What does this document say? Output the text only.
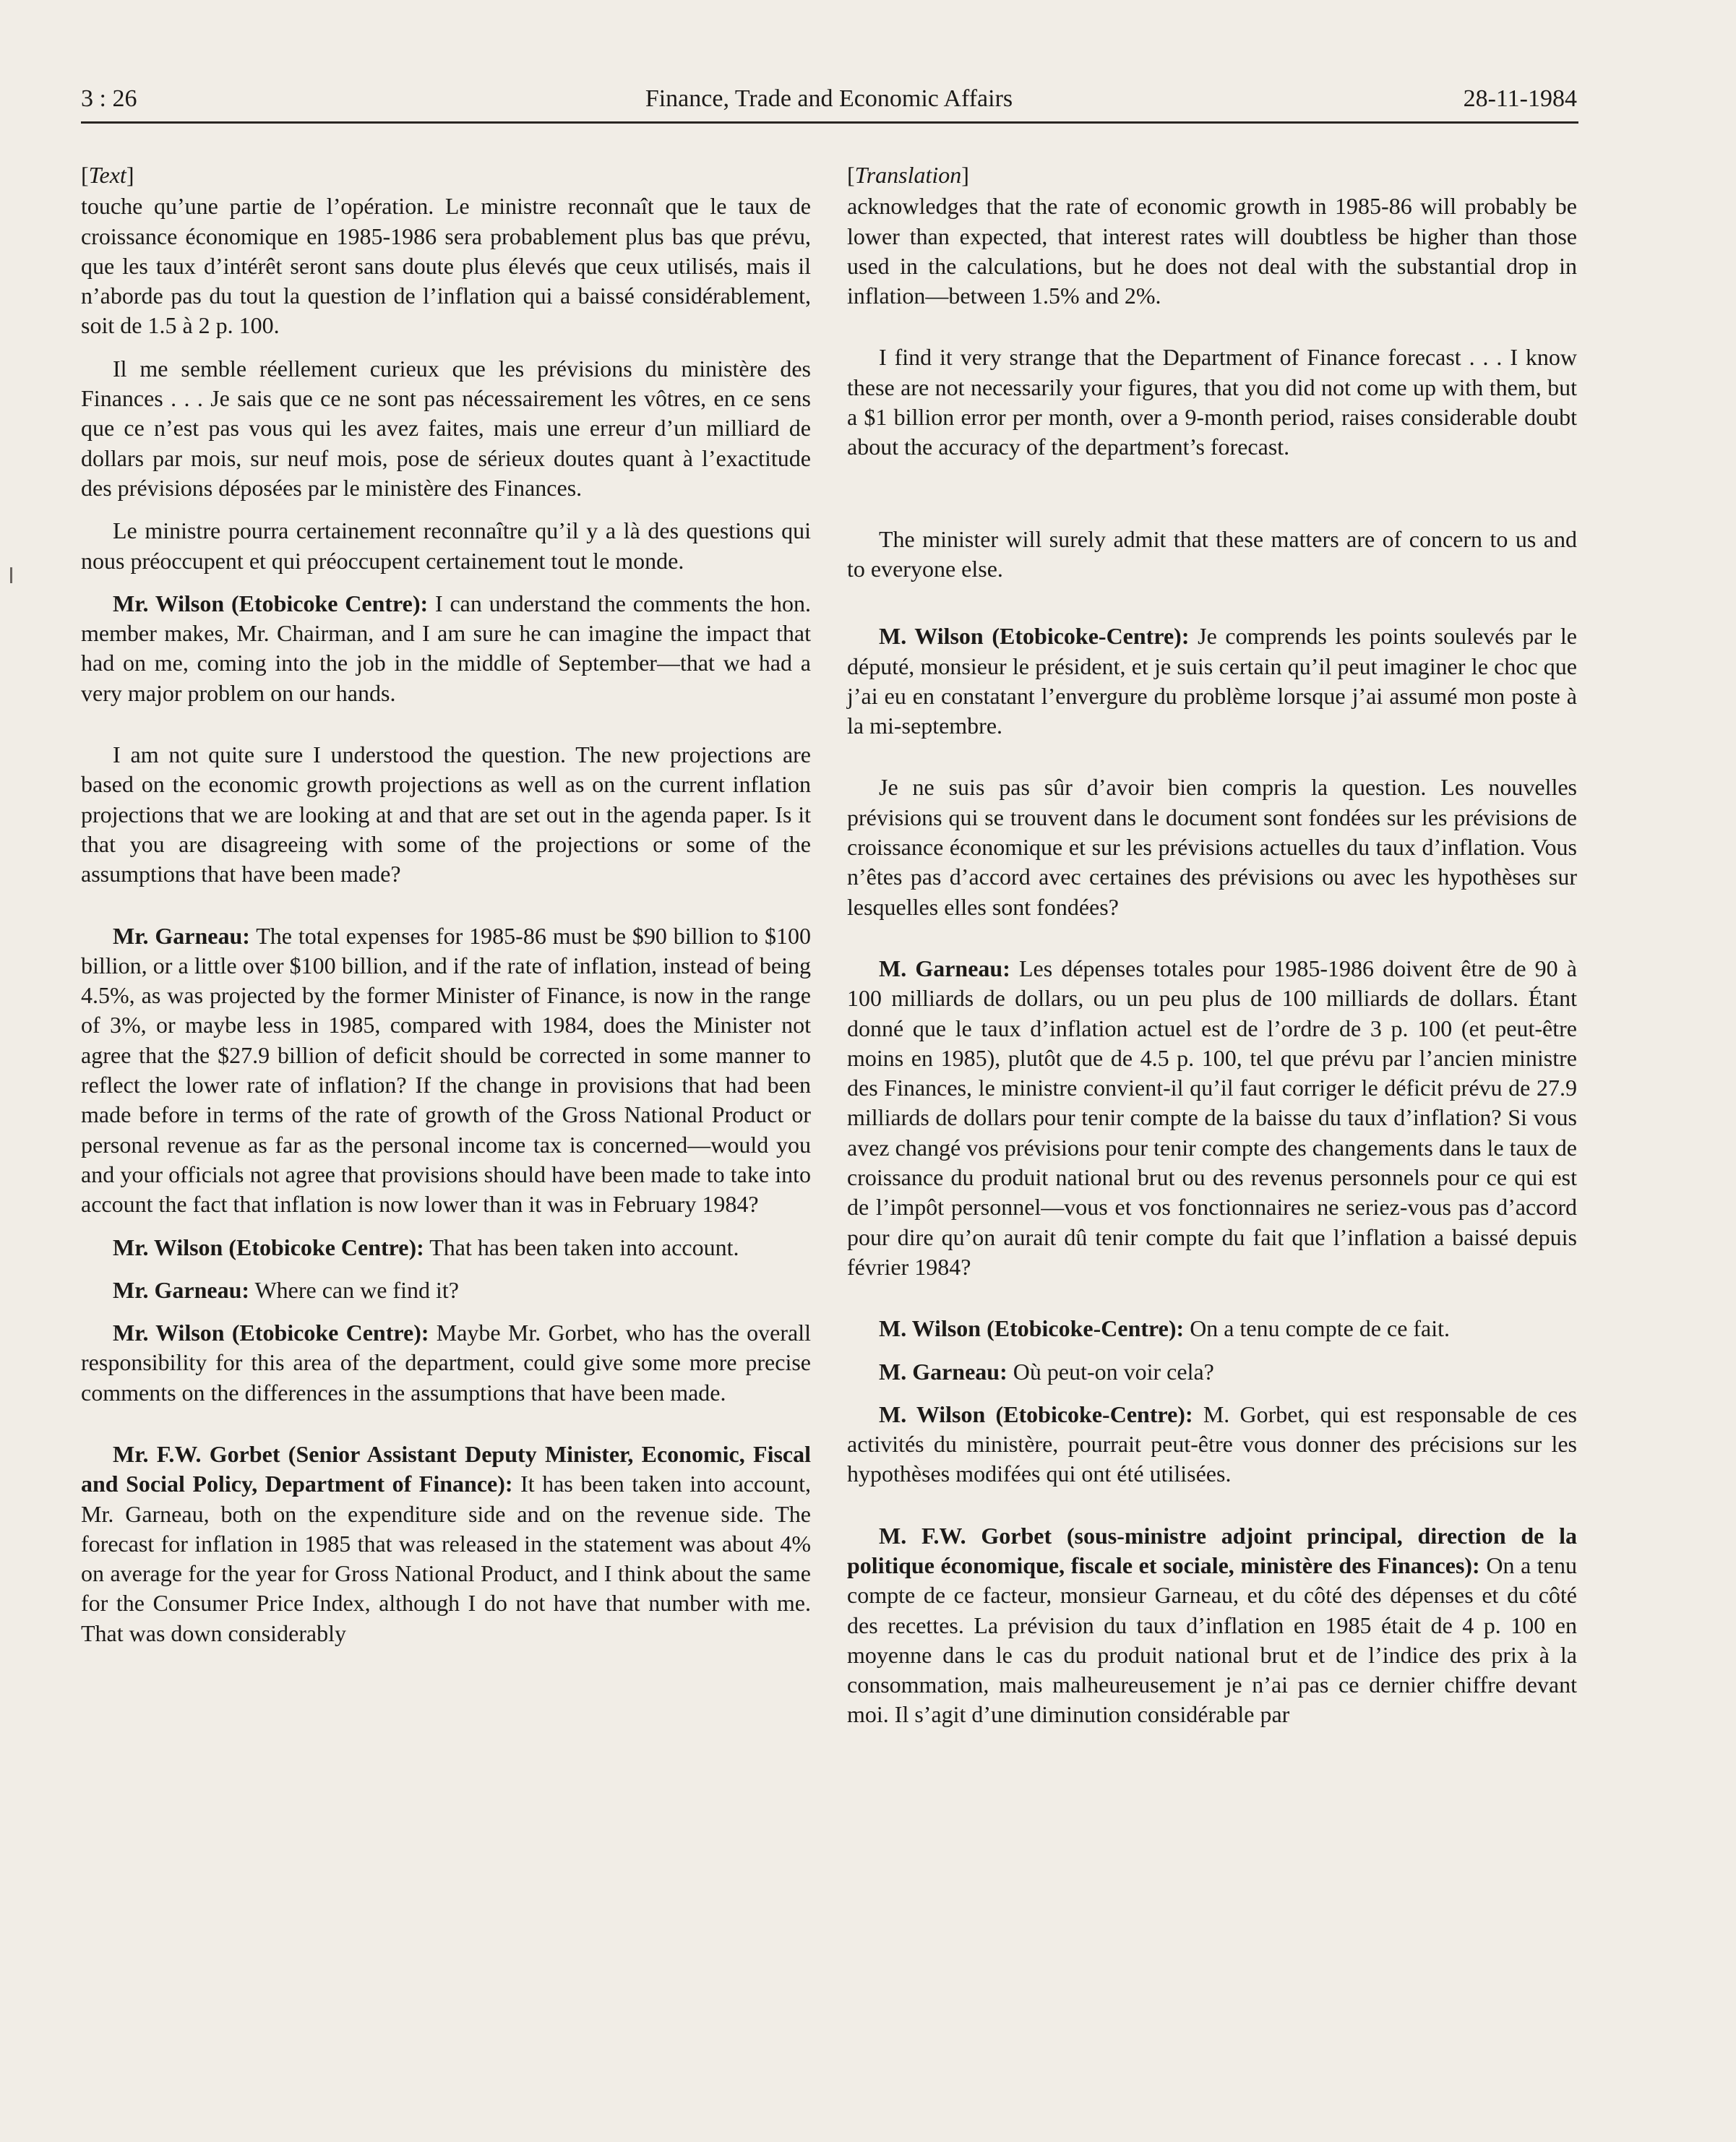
3 : 26	Finance, Trade and Economic Affairs	28-11-1984

[Text]

touche qu’une partie de l’opération. Le ministre reconnaît que le taux de croissance économique en 1985-1986 sera probablement plus bas que prévu, que les taux d’intérêt seront sans doute plus élevés que ceux utilisés, mais il n’aborde pas du tout la question de l’inflation qui a baissé considérablement, soit de 1.5 à 2 p. 100.

Il me semble réellement curieux que les prévisions du ministère des Finances . . . Je sais que ce ne sont pas nécessairement les vôtres, en ce sens que ce n’est pas vous qui les avez faites, mais une erreur d’un milliard de dollars par mois, sur neuf mois, pose de sérieux doutes quant à l’exactitude des prévisions déposées par le ministère des Finances.

Le ministre pourra certainement reconnaître qu’il y a là des questions qui nous préoccupent et qui préoccupent certainement tout le monde.

Mr. Wilson (Etobicoke Centre): I can understand the comments the hon. member makes, Mr. Chairman, and I am sure he can imagine the impact that had on me, coming into the job in the middle of September—that we had a very major problem on our hands.

I am not quite sure I understood the question. The new projections are based on the economic growth projections as well as on the current inflation projections that we are looking at and that are set out in the agenda paper. Is it that you are disagreeing with some of the projections or some of the assumptions that have been made?

Mr. Garneau: The total expenses for 1985-86 must be $90 billion to $100 billion, or a little over $100 billion, and if the rate of inflation, instead of being 4.5%, as was projected by the former Minister of Finance, is now in the range of 3%, or maybe less in 1985, compared with 1984, does the Minister not agree that the $27.9 billion of deficit should be corrected in some manner to reflect the lower rate of inflation? If the change in provisions that had been made before in terms of the rate of growth of the Gross National Product or personal revenue as far as the personal income tax is concerned—would you and your officials not agree that provisions should have been made to take into account the fact that inflation is now lower than it was in February 1984?

Mr. Wilson (Etobicoke Centre): That has been taken into account.

Mr. Garneau: Where can we find it?

Mr. Wilson (Etobicoke Centre): Maybe Mr. Gorbet, who has the overall responsibility for this area of the department, could give some more precise comments on the differences in the assumptions that have been made.

Mr. F.W. Gorbet (Senior Assistant Deputy Minister, Economic, Fiscal and Social Policy, Department of Finance): It has been taken into account, Mr. Garneau, both on the expenditure side and on the revenue side. The forecast for inflation in 1985 that was released in the statement was about 4% on average for the year for Gross National Product, and I think about the same for the Consumer Price Index, although I do not have that number with me. That was down considerably

[Translation]

acknowledges that the rate of economic growth in 1985-86 will probably be lower than expected, that interest rates will doubtless be higher than those used in the calculations, but he does not deal with the substantial drop in inflation—between 1.5% and 2%.

I find it very strange that the Department of Finance forecast . . . I know these are not necessarily your figures, that you did not come up with them, but a $1 billion error per month, over a 9-month period, raises considerable doubt about the accuracy of the department’s forecast.

The minister will surely admit that these matters are of concern to us and to everyone else.

M. Wilson (Etobicoke-Centre): Je comprends les points soulevés par le député, monsieur le président, et je suis certain qu’il peut imaginer le choc que j’ai eu en constatant l’envergure du problème lorsque j’ai assumé mon poste à la mi-septembre.

Je ne suis pas sûr d’avoir bien compris la question. Les nouvelles prévisions qui se trouvent dans le document sont fondées sur les prévisions de croissance économique et sur les prévisions actuelles du taux d’inflation. Vous n’êtes pas d’accord avec certaines des prévisions ou avec les hypothèses sur lesquelles elles sont fondées?

M. Garneau: Les dépenses totales pour 1985-1986 doivent être de 90 à 100 milliards de dollars, ou un peu plus de 100 milliards de dollars. Étant donné que le taux d’inflation actuel est de l’ordre de 3 p. 100 (et peut-être moins en 1985), plutôt que de 4.5 p. 100, tel que prévu par l’ancien ministre des Finances, le ministre convient-il qu’il faut corriger le déficit prévu de 27.9 milliards de dollars pour tenir compte de la baisse du taux d’inflation? Si vous avez changé vos prévisions pour tenir compte des changements dans le taux de croissance du produit national brut ou des revenus personnels pour ce qui est de l’impôt personnel—vous et vos fonctionnaires ne seriez-vous pas d’accord pour dire qu’on aurait dû tenir compte du fait que l’inflation a baissé depuis février 1984?

M. Wilson (Etobicoke-Centre): On a tenu compte de ce fait.

M. Garneau: Où peut-on voir cela?

M. Wilson (Etobicoke-Centre): M. Gorbet, qui est responsable de ces activités du ministère, pourrait peut-être vous donner des précisions sur les hypothèses modifées qui ont été utilisées.

M. F.W. Gorbet (sous-ministre adjoint principal, direction de la politique économique, fiscale et sociale, ministère des Finances): On a tenu compte de ce facteur, monsieur Garneau, et du côté des dépenses et du côté des recettes. La prévision du taux d’inflation en 1985 était de 4 p. 100 en moyenne dans le cas du produit national brut et de l’indice des prix à la consommation, mais malheureusement je n’ai pas ce dernier chiffre devant moi. Il s’agit d’une diminution considérable par
